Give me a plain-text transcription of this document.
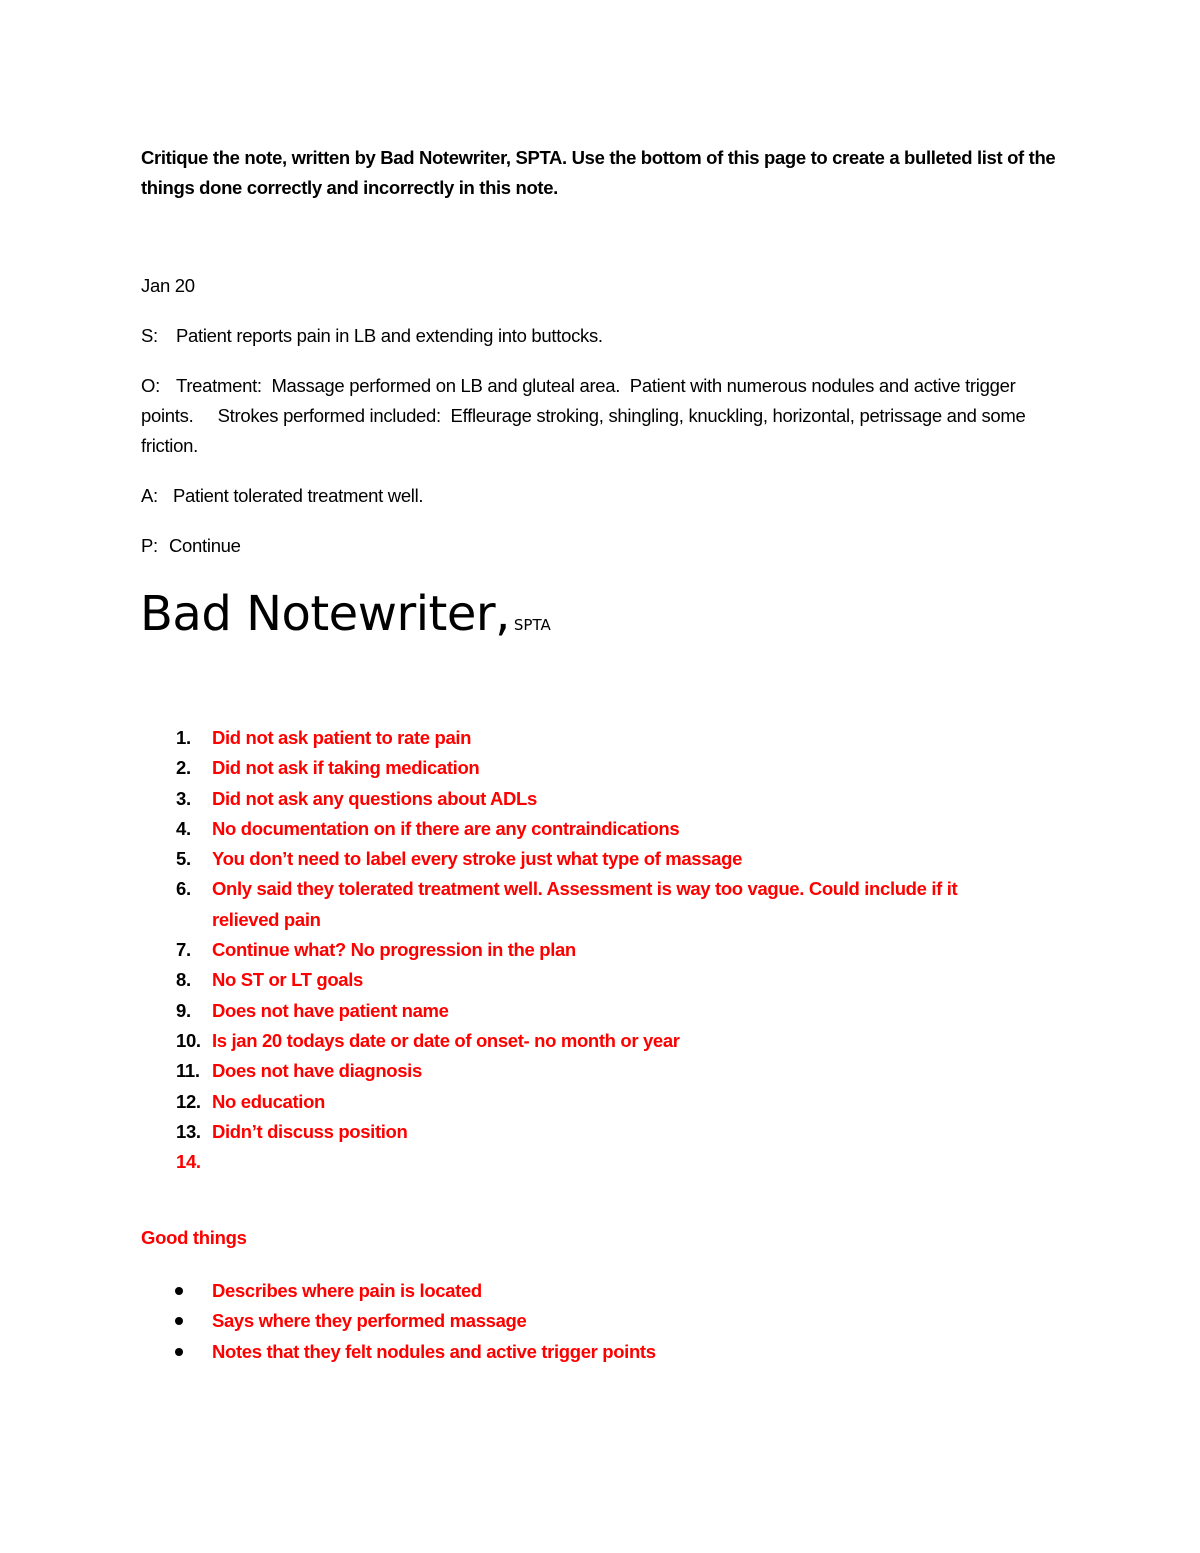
Critique the note, written by Bad Notewriter, SPTA. Use the bottom of this page to create a bulleted list of the things done correctly and incorrectly in this note.
Jan 20
S: Patient reports pain in LB and extending into buttocks.
O: Treatment:  Massage performed on LB and gluteal area.  Patient with numerous nodules and active trigger points.     Strokes performed included:  Effleurage stroking, shingling, knuckling, horizontal, petrissage and some friction.
A: Patient tolerated treatment well.
P: Continue
Bad Notewriter, SPTA
1. Did not ask patient to rate pain
2. Did not ask if taking medication
3. Did not ask any questions about ADLs
4. No documentation on if there are any contraindications
5. You don’t need to label every stroke just what type of massage
6. Only said they tolerated treatment well. Assessment is way too vague. Could include if it relieved pain
7. Continue what? No progression in the plan
8. No ST or LT goals
9. Does not have patient name
10. Is jan 20 todays date or date of onset- no month or year
11. Does not have diagnosis
12. No education
13. Didn’t discuss position
14.

Good things
Describes where pain is located
Says where they performed massage
Notes that they felt nodules and active trigger points
